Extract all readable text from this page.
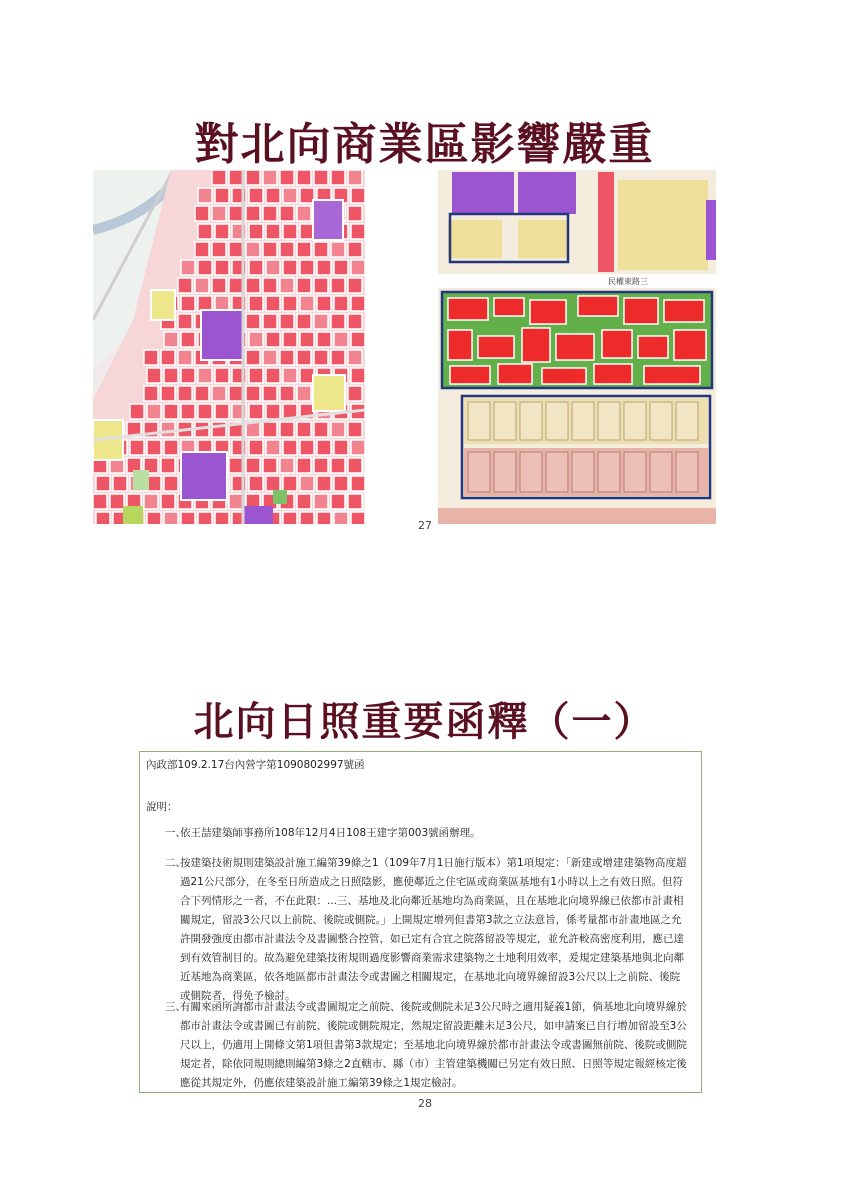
對北向商業區影響嚴重
民權東路三
27
北向日照重要函釋（一）
內政部109.2.17台內營字第1090802997號函
說明：
一、
依王喆建築師事務所108年12月4日108王建字第003號函辦理。
二、
按建築技術規則建築設計施工編第39條之1（109年7月1日施行版本）第1項規定：「新建或增建建築物高度超過21公尺部分，在冬至日所造成之日照陰影，應使鄰近之住宅區或商業區基地有1小時以上之有效日照。但符合下列情形之一者，不在此限：...三、基地及北向鄰近基地均為商業區，且在基地北向境界線已依都市計畫相關規定，留設3公尺以上前院、後院或側院。」上開規定增列但書第3款之立法意旨，係考量都市計畫地區之允許開發強度由都市計畫法令及書圖整合控管，如已定有合宜之院落留設等規定，並允許較高密度利用，應已達到有效管制目的。故為避免建築技術規則過度影響商業需求建築物之土地利用效率，爰規定建築基地與北向鄰近基地為商業區，依各地區都市計畫法令或書圖之相關規定，在基地北向境界線留設3公尺以上之前院、後院或側院者，得免予檢討。
三、
有關來函所詢都市計畫法令或書圖規定之前院、後院或側院未足3公尺時之適用疑義1節，倘基地北向境界線於都市計畫法令或書圖已有前院、後院或側院規定，然規定留設距離未足3公尺，如申請案已自行增加留設至3公尺以上，仍適用上開條文第1項但書第3款規定；至基地北向境界線於都市計畫法令或書圖無前院、後院或側院規定者，除依同規則總則編第3條之2直轄市、縣（市）主管建築機關已另定有效日照、日照等規定報經核定後應從其規定外，仍應依建築設計施工編第39條之1規定檢討。
28
